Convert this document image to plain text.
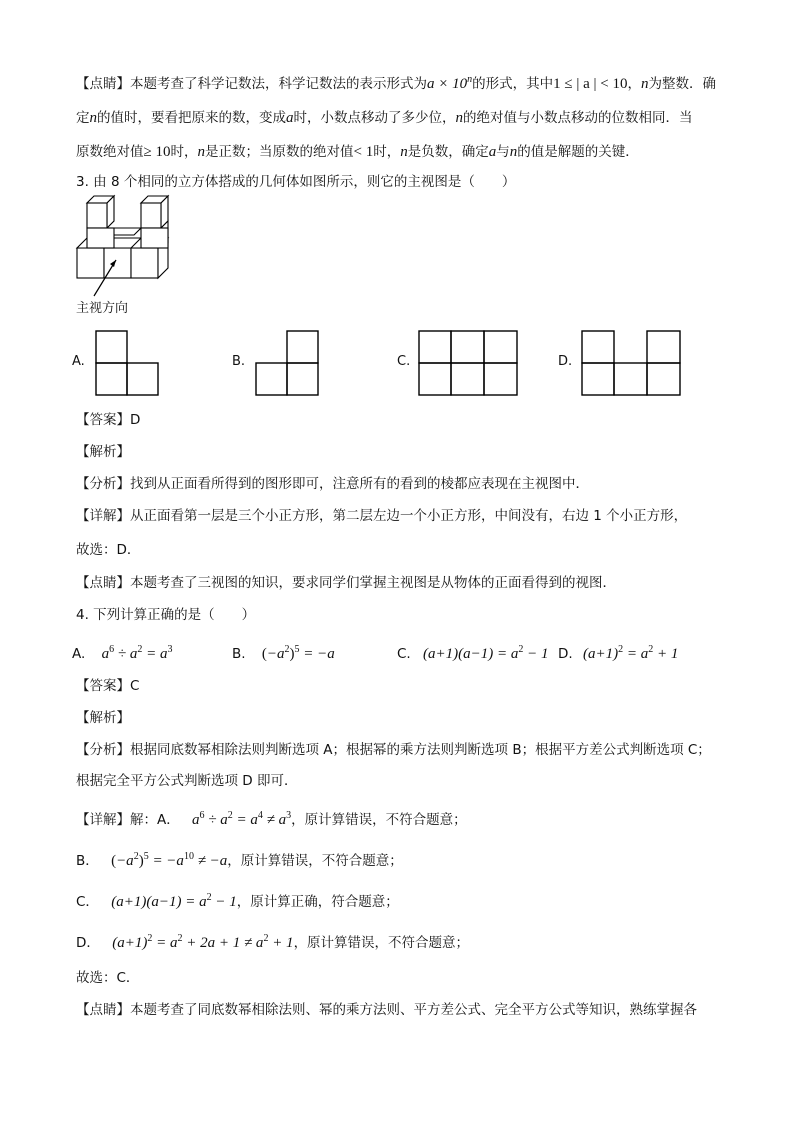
【点睛】本题考查了科学记数法，科学记数法的表示形式为$a \times 10^n$的形式，其中1 ≤ | a | < 10，n为整数．确
定n的值时，要看把原来的数，变成a时，小数点移动了多少位，n的绝对值与小数点移动的位数相同．当
原数绝对值≥ 10时，n是正数；当原数的绝对值< 1时，n是负数，确定a与n的值是解题的关键．
3. 由 8 个相同的立方体搭成的几何体如图所示，则它的主视图是（　　）
主视方向
A.	B.	C.	D.
【答案】D
【解析】
【分析】找到从正面看所得到的图形即可，注意所有的看到的棱都应表现在主视图中．
【详解】从正面看第一层是三个小正方形，第二层左边一个小正方形，中间没有，右边 1 个小正方形，
故选：D．
【点睛】本题考查了三视图的知识，要求同学们掌握主视图是从物体的正面看得到的视图．
4. 下列计算正确的是（　　）
A. $a^6 \div a^2 = a^3$	B. $(-a^2)^5 = -a$	C. $(a+1)(a-1) = a^2 - 1$ D. $(a+1)^2 = a^2 + 1$
【答案】C
【解析】
【分析】根据同底数幂相除法则判断选项 A；根据幂的乘方法则判断选项 B；根据平方差公式判断选项 C；
根据完全平方公式判断选项 D 即可．
【详解】解：A． $a^6 \div a^2 = a^4 \ne a^3$，原计算错误，不符合题意；
B． $(-a^2)^5 = -a^{10} \ne -a$，原计算错误，不符合题意；
C． $(a+1)(a-1) = a^2 - 1$，原计算正确，符合题意；
D． $(a+1)^2 = a^2 + 2a + 1 \ne a^2 + 1$，原计算错误，不符合题意；
故选：C．
【点睛】本题考查了同底数幂相除法则、幂的乘方法则、平方差公式、完全平方公式等知识，熟练掌握各
